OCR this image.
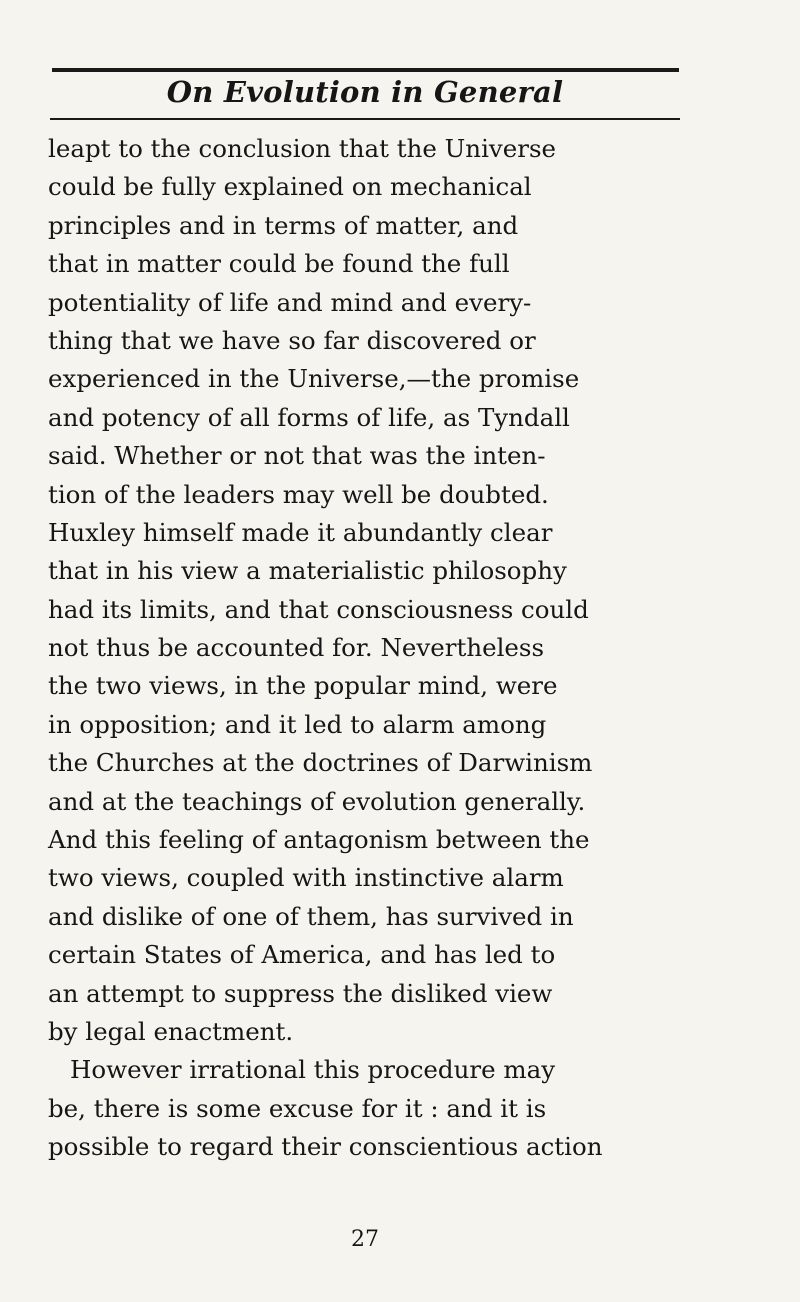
On Evolution in General
leapt to the conclusion that the Universe
could be fully explained on mechanical
principles and in terms of matter, and
that in matter could be found the full
potentiality of life and mind and every-
thing that we have so far discovered or
experienced in the Universe,—the promise
and potency of all forms of life, as Tyndall
said. Whether or not that was the inten-
tion of the leaders may well be doubted.
Huxley himself made it abundantly clear
that in his view a materialistic philosophy
had its limits, and that consciousness could
not thus be accounted for. Nevertheless
the two views, in the popular mind, were
in opposition; and it led to alarm among
the Churches at the doctrines of Darwinism
and at the teachings of evolution generally.
And this feeling of antagonism between the
two views, coupled with instinctive alarm
and dislike of one of them, has survived in
certain States of America, and has led to
an attempt to suppress the disliked view
by legal enactment.
However irrational this procedure may
be, there is some excuse for it : and it is
possible to regard their conscientious action
27
